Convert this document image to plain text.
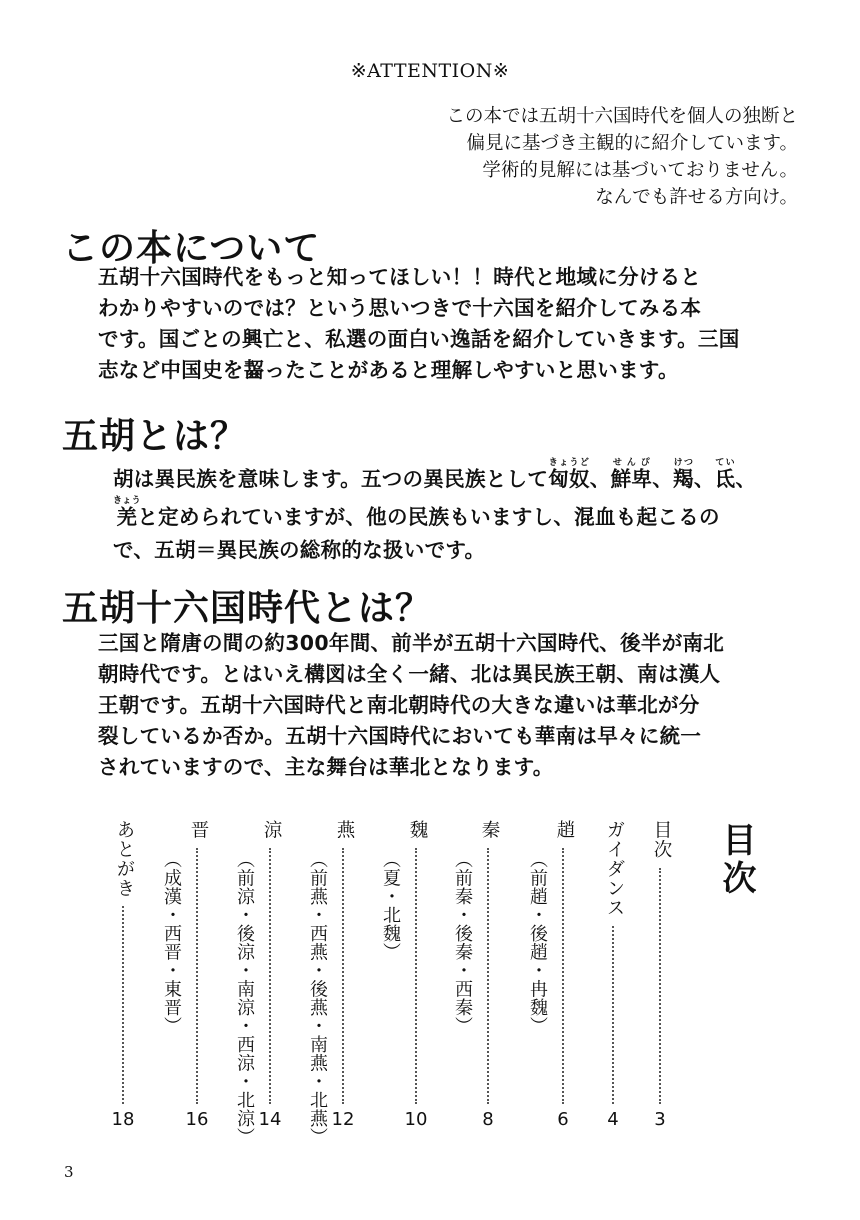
※ATTENTION※
この本では五胡十六国時代を個人の独断と
偏見に基づき主観的に紹介しています。
学術的見解には基づいておりません。
なんでも許せる方向け。
この本について
五胡十六国時代をもっと知ってほしい！！時代と地域に分けると
わかりやすいのでは？という思いつきで十六国を紹介してみる本
です。国ごとの興亡と、私選の面白い逸話を紹介していきます。三国
志など中国史を齧ったことがあると理解しやすいと思います。
五胡とは？
胡は異民族を意味します。五つの異民族として匈奴きょうど、鮮卑せんぴ、羯けつ、氐てい、
羌きょうと定められていますが、他の民族もいますし、混血も起こるの
で、五胡＝異民族の総称的な扱いです。
五胡十六国時代とは？
三国と隋唐の間の約300年間、前半が五胡十六国時代、後半が南北
朝時代です。とはいえ構図は全く一緒、北は異民族王朝、南は漢人
王朝です。五胡十六国時代と南北朝時代の大きな違いは華北が分
裂しているか否か。五胡十六国時代においても華南は早々に統一
されていますので、主な舞台は華北となります。
目次
目次
3
ガイダンス
4
趙
6
（前趙・後趙・冉魏）
秦
8
（前秦・後秦・西秦）
魏
10
（夏・北魏）
燕
12
（前燕・西燕・後燕・南燕・北燕）
涼
14
（前涼・後涼・南涼・西涼・北涼）
晋
16
（成漢・西晋・東晋）
あとがき
18
3
